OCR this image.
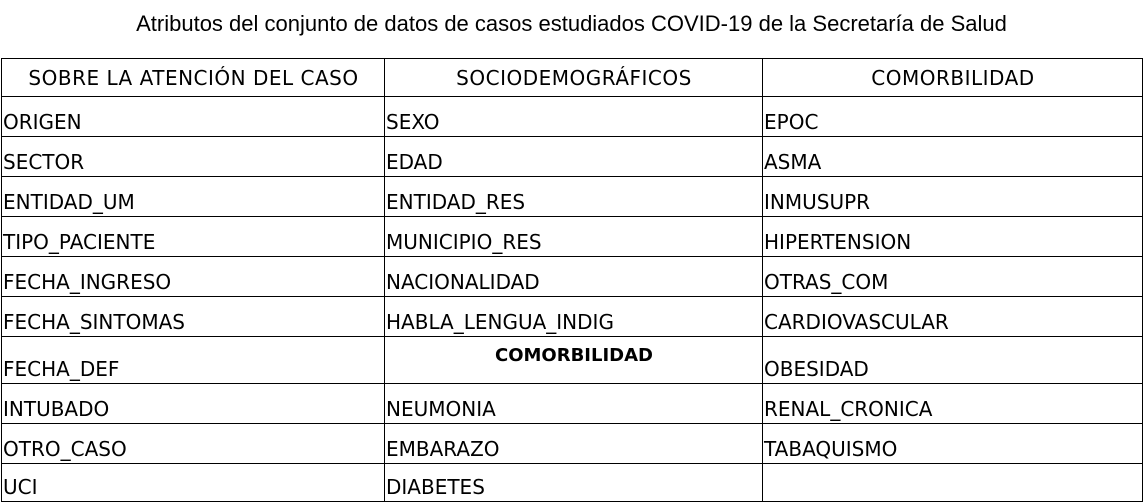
Atributos del conjunto de datos de casos estudiados COVID-19 de la Secretaría de Salud
SOBRE LA ATENCIÓN DEL CASO	SOCIODEMOGRÁFICOS	COMORBILIDAD
ORIGEN	SEXO	EPOC
SECTOR	EDAD	ASMA
ENTIDAD_UM	ENTIDAD_RES	INMUSUPR
TIPO_PACIENTE	MUNICIPIO_RES	HIPERTENSION
FECHA_INGRESO	NACIONALIDAD	OTRAS_COM
FECHA_SINTOMAS	HABLA_LENGUA_INDIG	CARDIOVASCULAR
FECHA_DEF	COMORBILIDAD	OBESIDAD
INTUBADO	NEUMONIA	RENAL_CRONICA
OTRO_CASO	EMBARAZO	TABAQUISMO
UCI	DIABETES	
